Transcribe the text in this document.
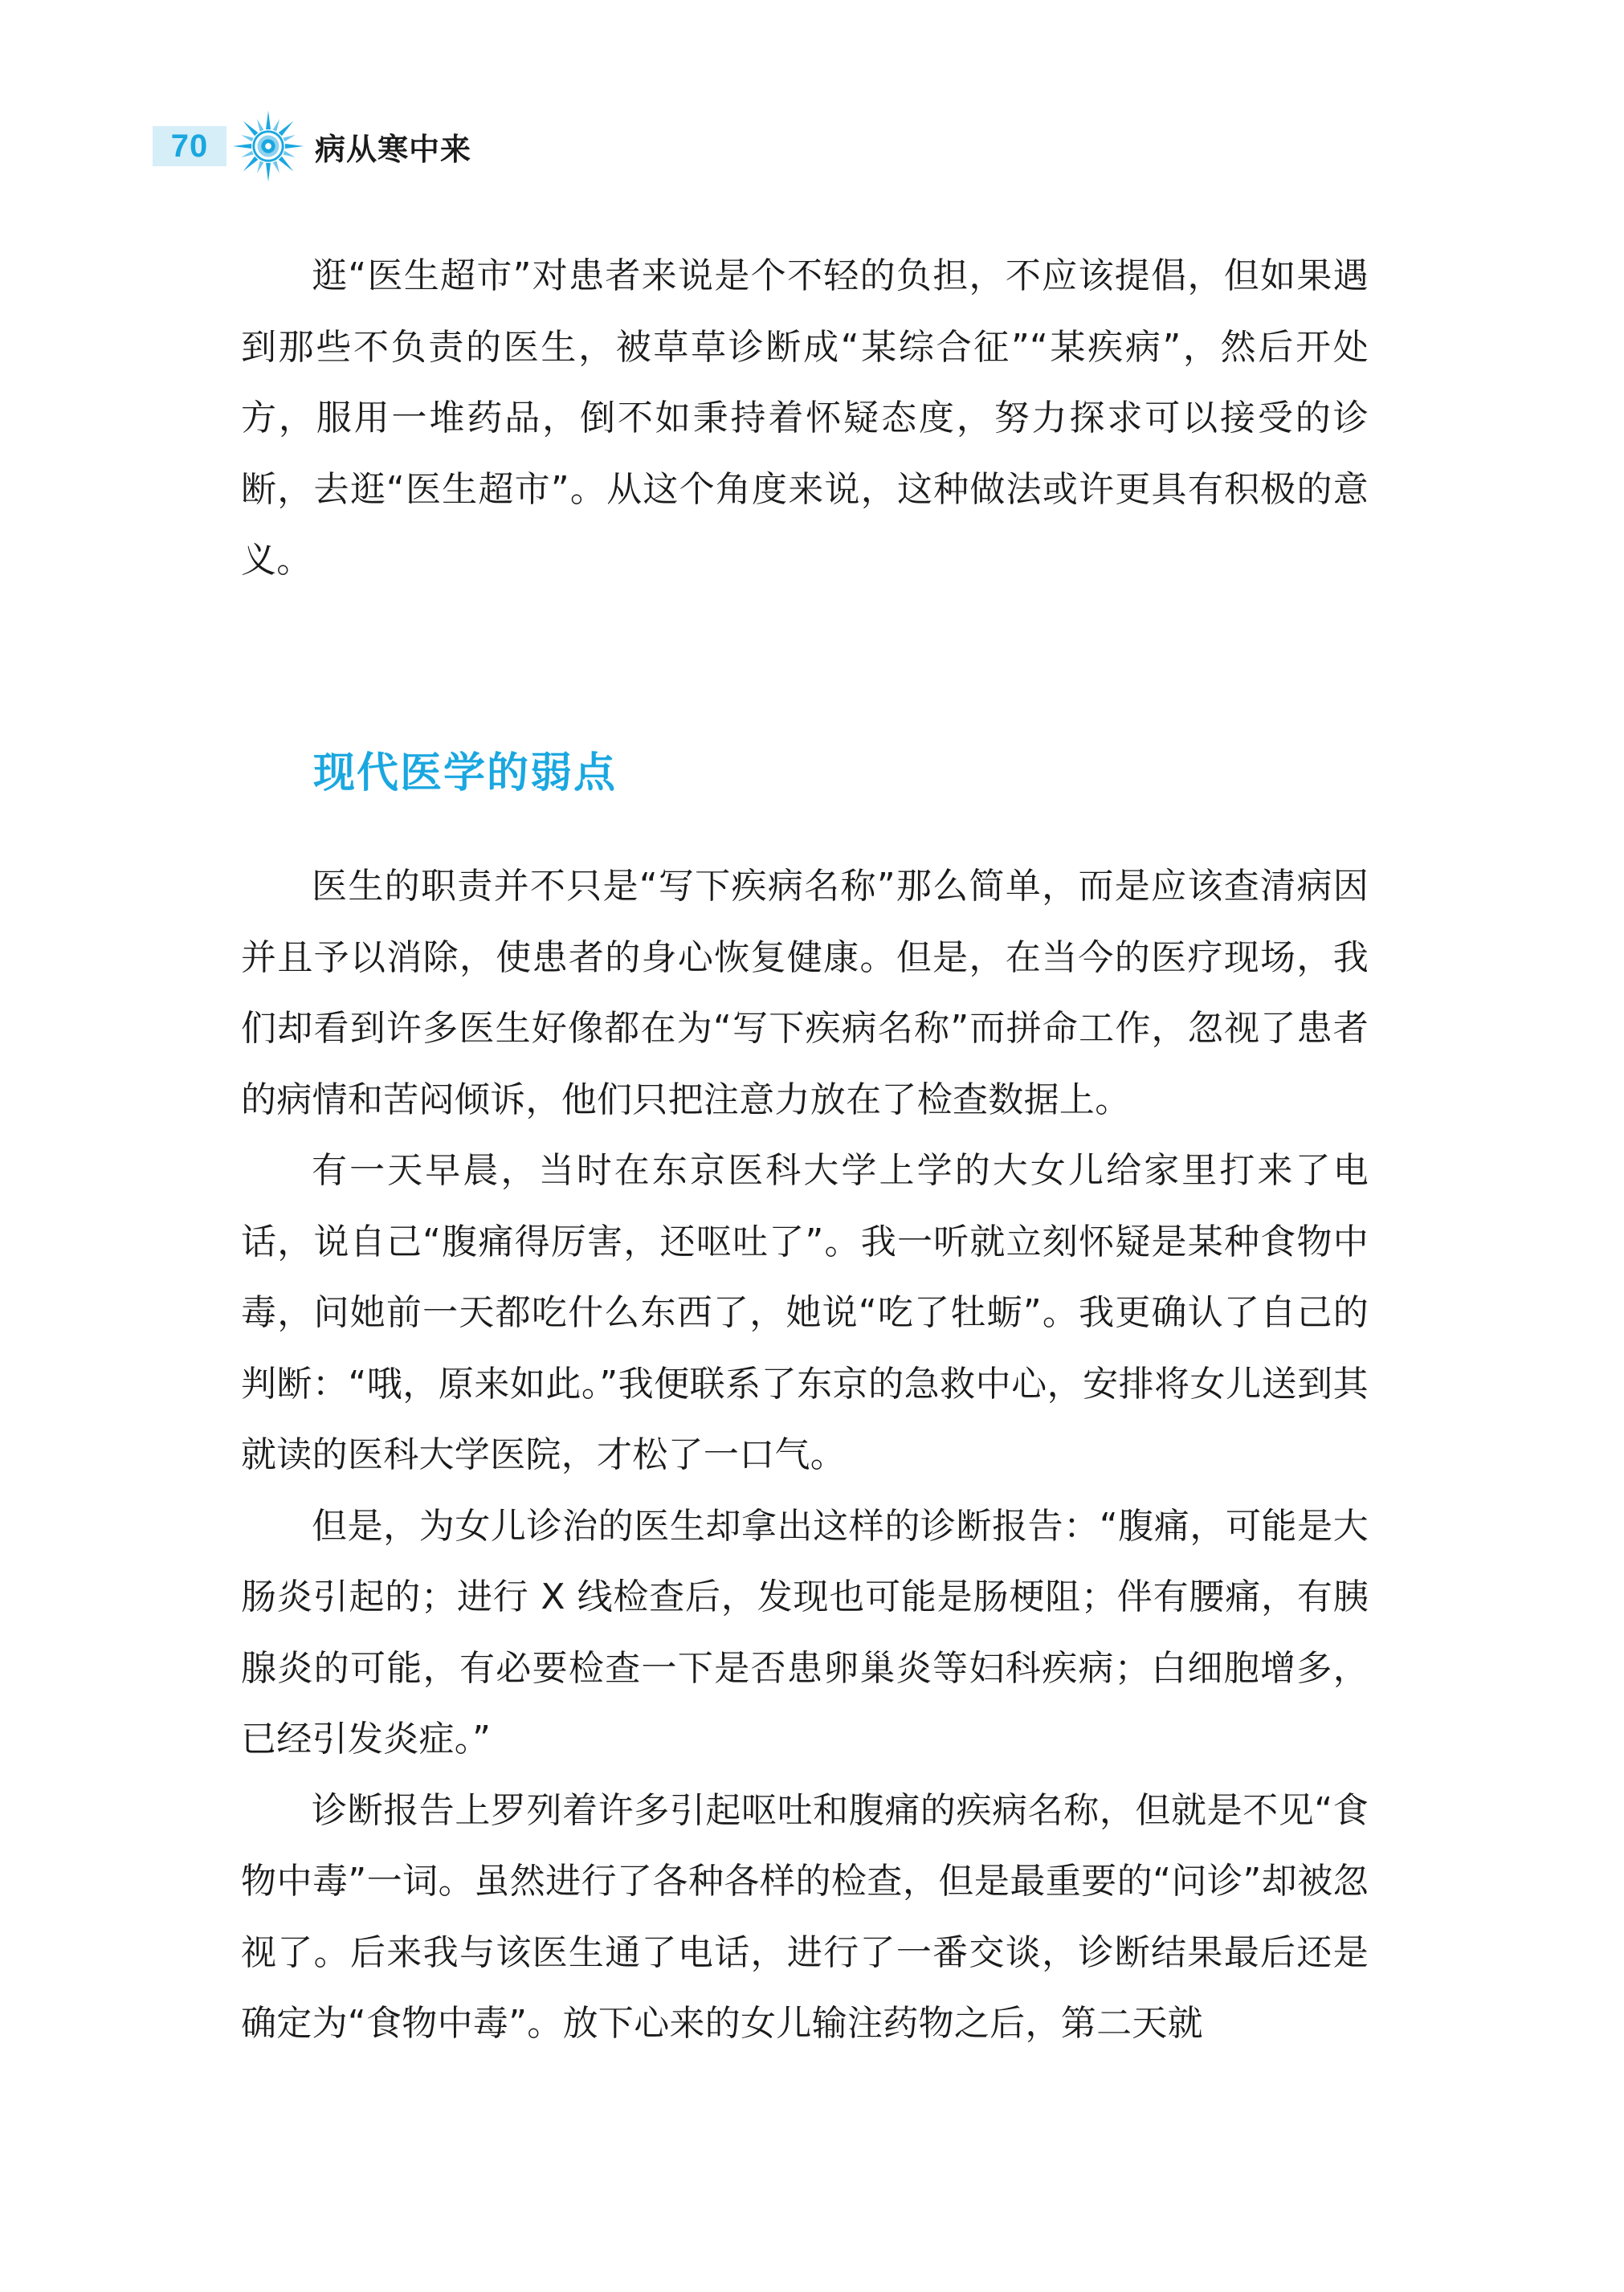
70	病从寒中来

逛“医生超市”对患者来说是个不轻的负担，不应该提倡，但如果遇到那些不负责的医生，被草草诊断成“某综合征”“某疾病”，然后开处方，服用一堆药品，倒不如秉持着怀疑态度，努力探求可以接受的诊断，去逛“医生超市”。从这个角度来说，这种做法或许更具有积极的意义。

现代医学的弱点

医生的职责并不只是“写下疾病名称”那么简单，而是应该查清病因并且予以消除，使患者的身心恢复健康。但是，在当今的医疗现场，我们却看到许多医生好像都在为“写下疾病名称”而拼命工作，忽视了患者的病情和苦闷倾诉，他们只把注意力放在了检查数据上。

有一天早晨，当时在东京医科大学上学的大女儿给家里打来了电话，说自己“腹痛得厉害，还呕吐了”。我一听就立刻怀疑是某种食物中毒，问她前一天都吃什么东西了，她说“吃了牡蛎”。我更确认了自己的判断：“哦，原来如此。”我便联系了东京的急救中心，安排将女儿送到其就读的医科大学医院，才松了一口气。

但是，为女儿诊治的医生却拿出这样的诊断报告：“腹痛，可能是大肠炎引起的；进行 X 线检查后，发现也可能是肠梗阻；伴有腰痛，有胰腺炎的可能，有必要检查一下是否患卵巢炎等妇科疾病；白细胞增多，已经引发炎症。”

诊断报告上罗列着许多引起呕吐和腹痛的疾病名称，但就是不见“食物中毒”一词。虽然进行了各种各样的检查，但是最重要的“问诊”却被忽视了。后来我与该医生通了电话，进行了一番交谈，诊断结果最后还是确定为“食物中毒”。放下心来的女儿输注药物之后，第二天就
